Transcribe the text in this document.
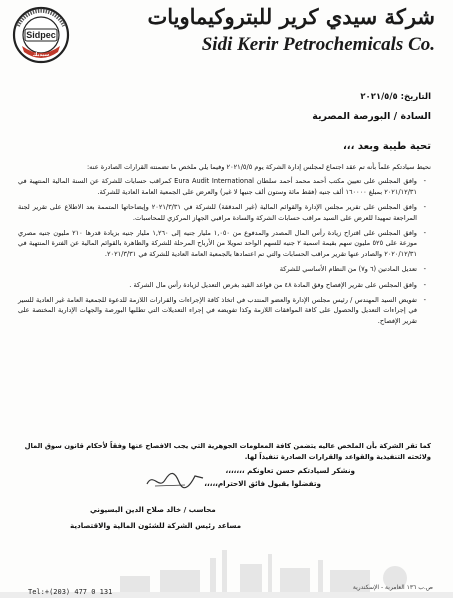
Sidpec
سيدبك
شركة سيدي كرير للبتروكيماويات
Sidi Kerir Petrochemicals Co.
التاريخ: ٢٠٢١/٥/٥
السادة / البورصة المصرية
تحية طيبة وبعد ،،،

نحيط سيادتكم علماً بأنه تم عقد اجتماع لمجلس إدارة الشركة يوم ٢٠٢١/٥/٥ وفيما يلي ملخص ما تضمنته القرارات الصادرة عنه:

- وافق المجلس على تعيين مكتب أحمد محمد أحمد سلطان Eura Audit International كمراقب حسابات للشركة عن السنة المالية المنتهية في ٢٠٢١/١٢/٣١ بمبلغ ١٦٠٠٠٠ ألف جنيه (فقط مائة وستون ألف جنيها لا غير) والعرض على الجمعية العامة العادية للشركة.
- وافق المجلس على تقرير مجلس الإدارة والقوائم المالية (غير المدققة) للشركة في ٢٠٢١/٣/٣١ وإيضاحاتها المتممة بعد الاطلاع على تقرير لجنة المراجعة تمهيدا للعرض على السيد مراقب حسابات الشركة والسادة مراقبي الجهاز المركزي للمحاسبات.
- وافق المجلس على اقتراح زيادة رأس المال المصدر والمدفوع من ١,٠٥٠ مليار جنيه إلى ١,٢٦٠ مليار جنيه بزيادة قدرها ٢١٠ مليون جنيه مصري موزعة على ٥٢٥ مليون سهم بقيمة اسمية ٢ جنيه للسهم الواحد تمويلا من الأرباح المرحلة للشركة والظاهرة بالقوائم المالية عن الفترة المنتهية في ٢٠٢٠/١٢/٣١ والصادر عنها تقرير مراقب الحسابات والتي تم اعتمادها بالجمعية العامة العادية للشركة في ٢٠٢١/٣/٣١.
- تعديل المادتين (٦ و٧) من النظام الأساسي للشركة
- وافق المجلس على تقرير الإفصاح وفق المادة ٤٨ من قواعد القيد بغرض التعديل لزيادة رأس مال الشركة .
- تفويض السيد المهندس / رئيس مجلس الإدارة والعضو المنتدب في اتخاذ كافة الإجراءات والقرارات اللازمة للدعوة للجمعية العامة غير العادية للسير في إجراءات التعديل والحصول على كافة الموافقات اللازمة وكذا تفويضه في إجراء التعديلات التي تطلبها البورصة والجهات الإدارية المختصة على تقرير الإفصاح.

كما تقر الشركة بأن الملخص عاليه يتضمن كافة المعلومات الجوهرية التي يجب الافصاح عنها وفقاً لأحكام قانون سوق المال ولائحته التنفيذية والقواعد والقرارات الصادرة تنفيذاً لها.

ونشكر لسيادتكم حسن تعاونكم ،،،،،،،
وتفضلوا بقبول فائق الاحترام،،،،،
محاسب / خالد صلاح الدين البسيوني
مساعد رئيس الشركة للشئون المالية والاقتصادية
Tel:+(203) 477 0 131
ص.ب ١٣٦ العامرية - الإسكندرية
